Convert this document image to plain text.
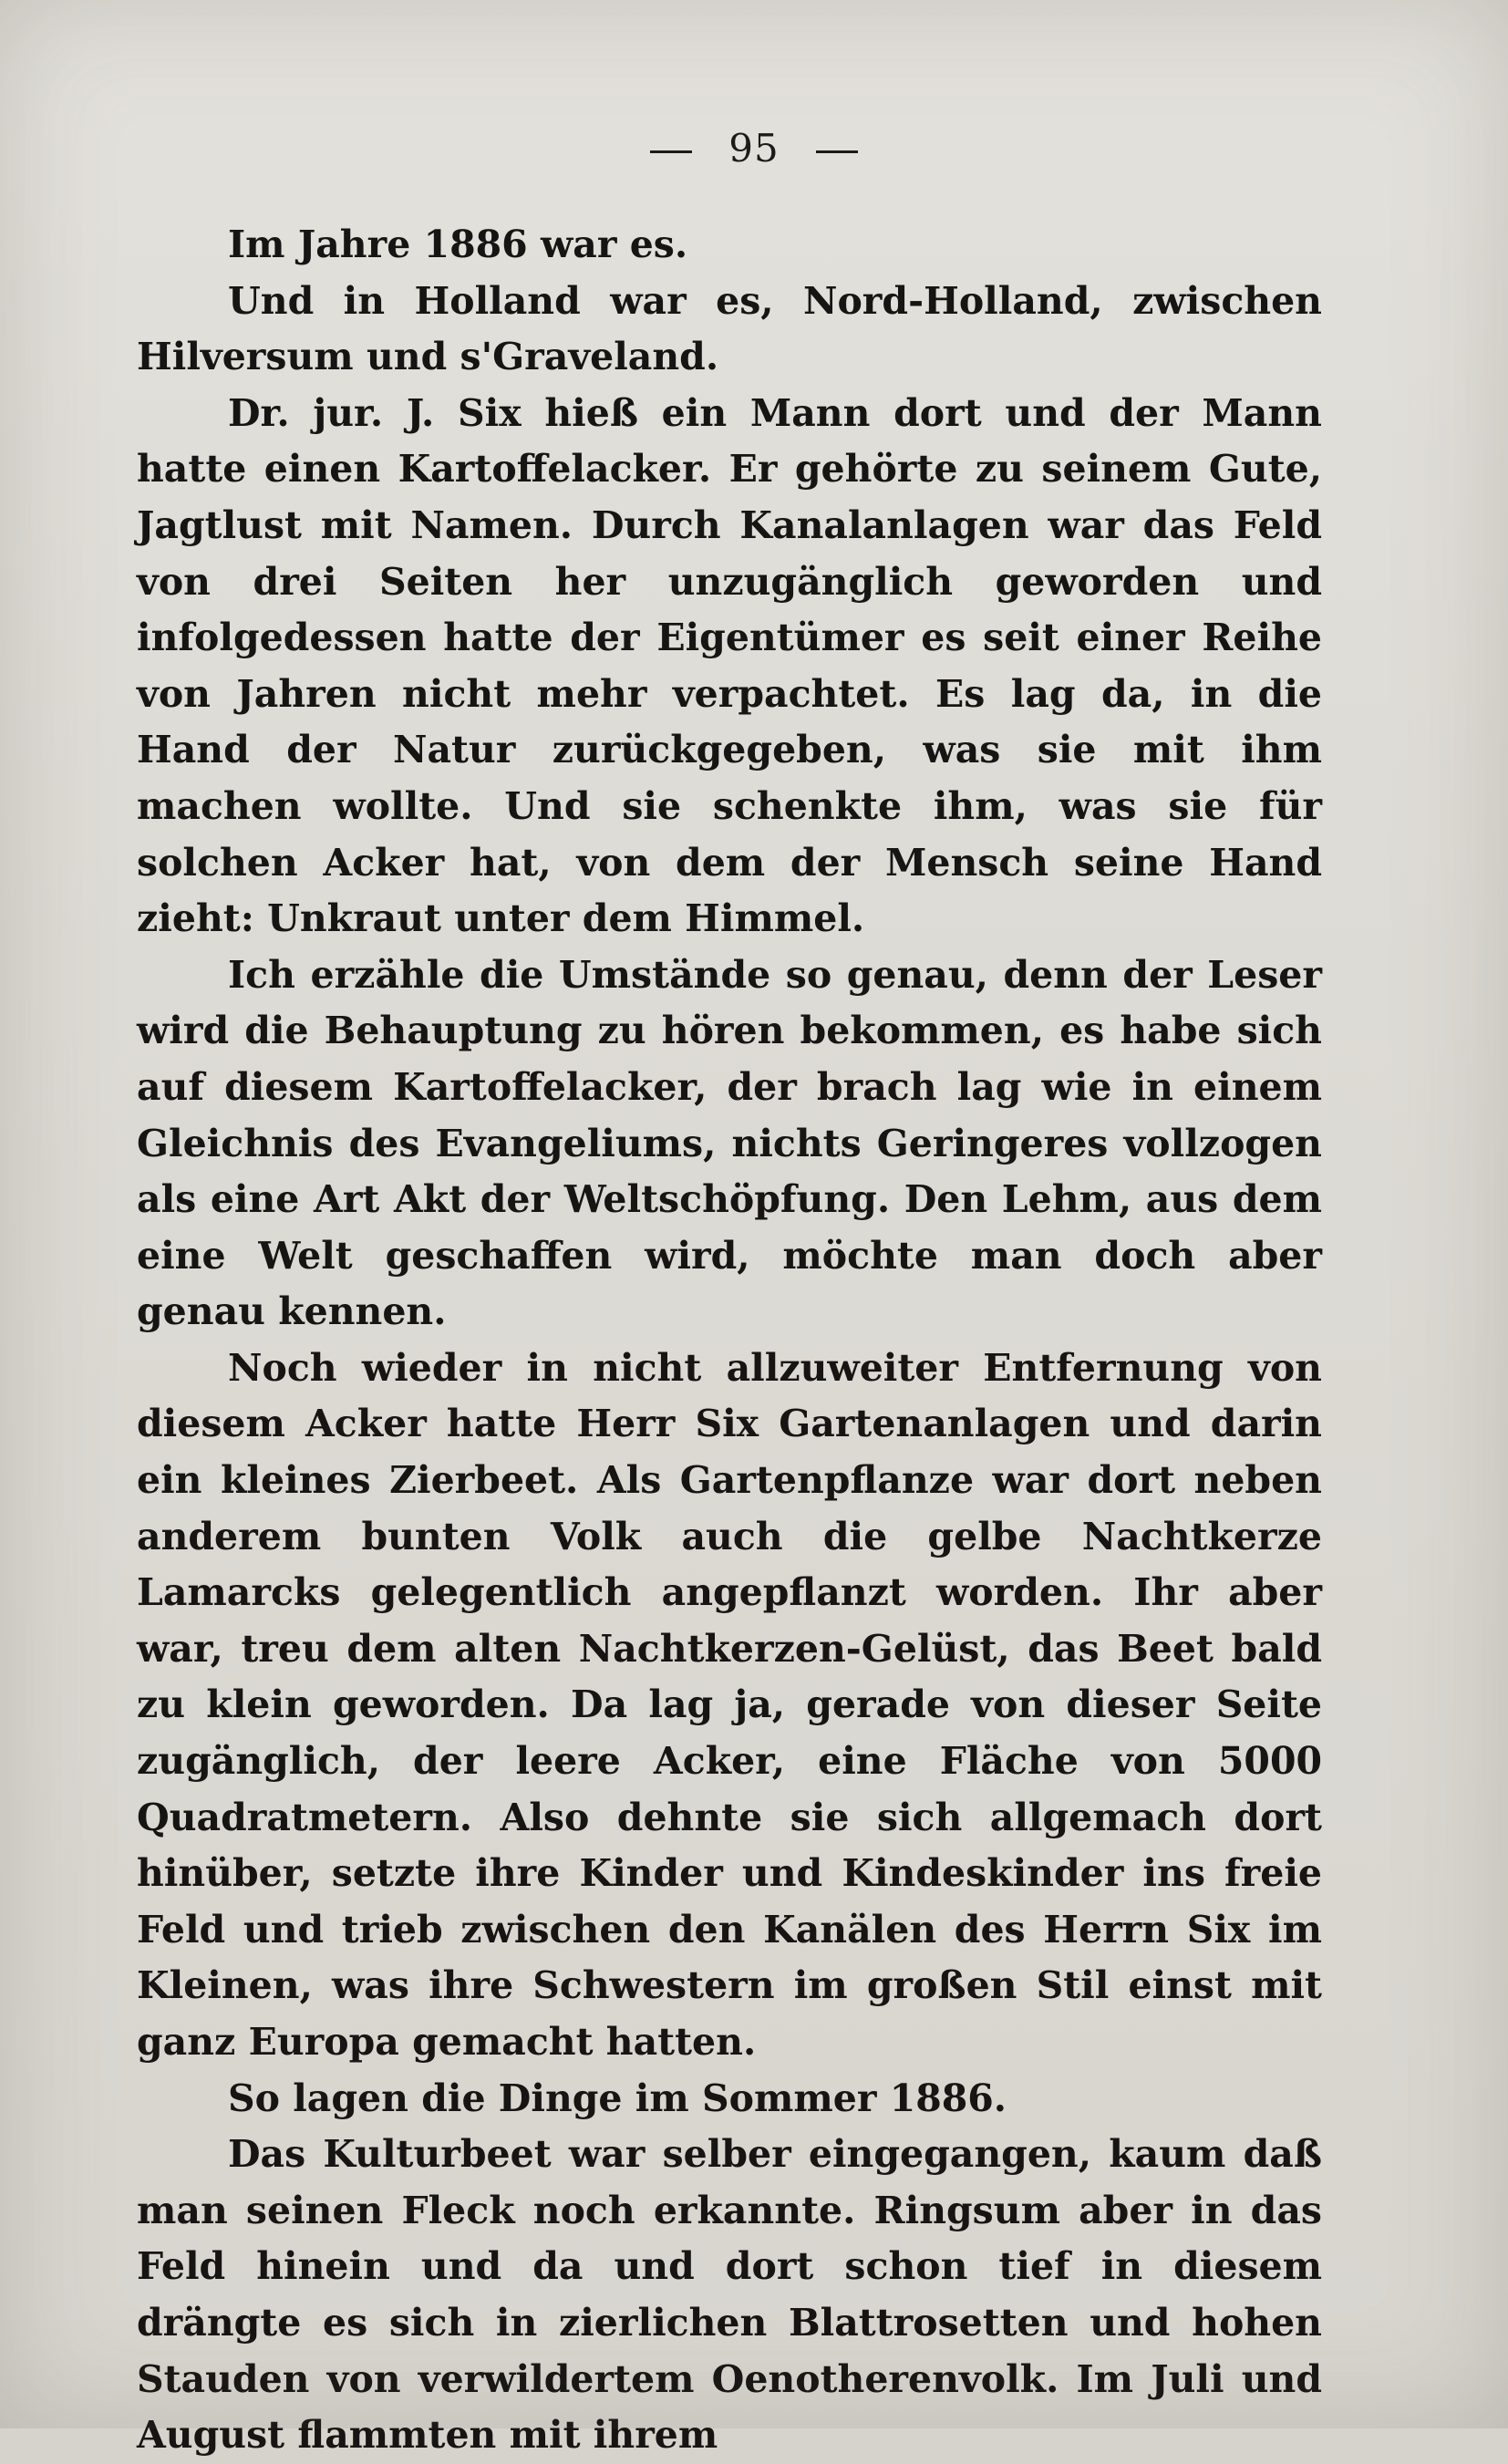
95

Im Jahre 1886 war es.

Und in Holland war es, Nord-Holland, zwischen Hilversum und s'Graveland.

Dr. jur. J. Six hieß ein Mann dort und der Mann hatte einen Kartoffelacker. Er gehörte zu seinem Gute, Jagtlust mit Namen. Durch Kanalanlagen war das Feld von drei Seiten her unzugänglich geworden und infolgedessen hatte der Eigentümer es seit einer Reihe von Jahren nicht mehr verpachtet. Es lag da, in die Hand der Natur zurückgegeben, was sie mit ihm machen wollte. Und sie schenkte ihm, was sie für solchen Acker hat, von dem der Mensch seine Hand zieht: Unkraut unter dem Himmel.

Ich erzähle die Umstände so genau, denn der Leser wird die Behauptung zu hören bekommen, es habe sich auf diesem Kartoffelacker, der brach lag wie in einem Gleichnis des Evangeliums, nichts Geringeres vollzogen als eine Art Akt der Weltschöpfung. Den Lehm, aus dem eine Welt geschaffen wird, möchte man doch aber genau kennen.

Noch wieder in nicht allzuweiter Entfernung von diesem Acker hatte Herr Six Gartenanlagen und darin ein kleines Zierbeet. Als Gartenpflanze war dort neben anderem bunten Volk auch die gelbe Nachtkerze Lamarcks gelegentlich angepflanzt worden. Ihr aber war, treu dem alten Nachtkerzen-Gelüst, das Beet bald zu klein geworden. Da lag ja, gerade von dieser Seite zugänglich, der leere Acker, eine Fläche von 5000 Quadratmetern. Also dehnte sie sich allgemach dort hinüber, setzte ihre Kinder und Kindeskinder ins freie Feld und trieb zwischen den Kanälen des Herrn Six im Kleinen, was ihre Schwestern im großen Stil einst mit ganz Europa gemacht hatten.

So lagen die Dinge im Sommer 1886.

Das Kulturbeet war selber eingegangen, kaum daß man seinen Fleck noch erkannte. Ringsum aber in das Feld hinein und da und dort schon tief in diesem drängte es sich in zierlichen Blattrosetten und hohen Stauden von verwildertem Oenotherenvolk. Im Juli und August flammten mit ihrem
